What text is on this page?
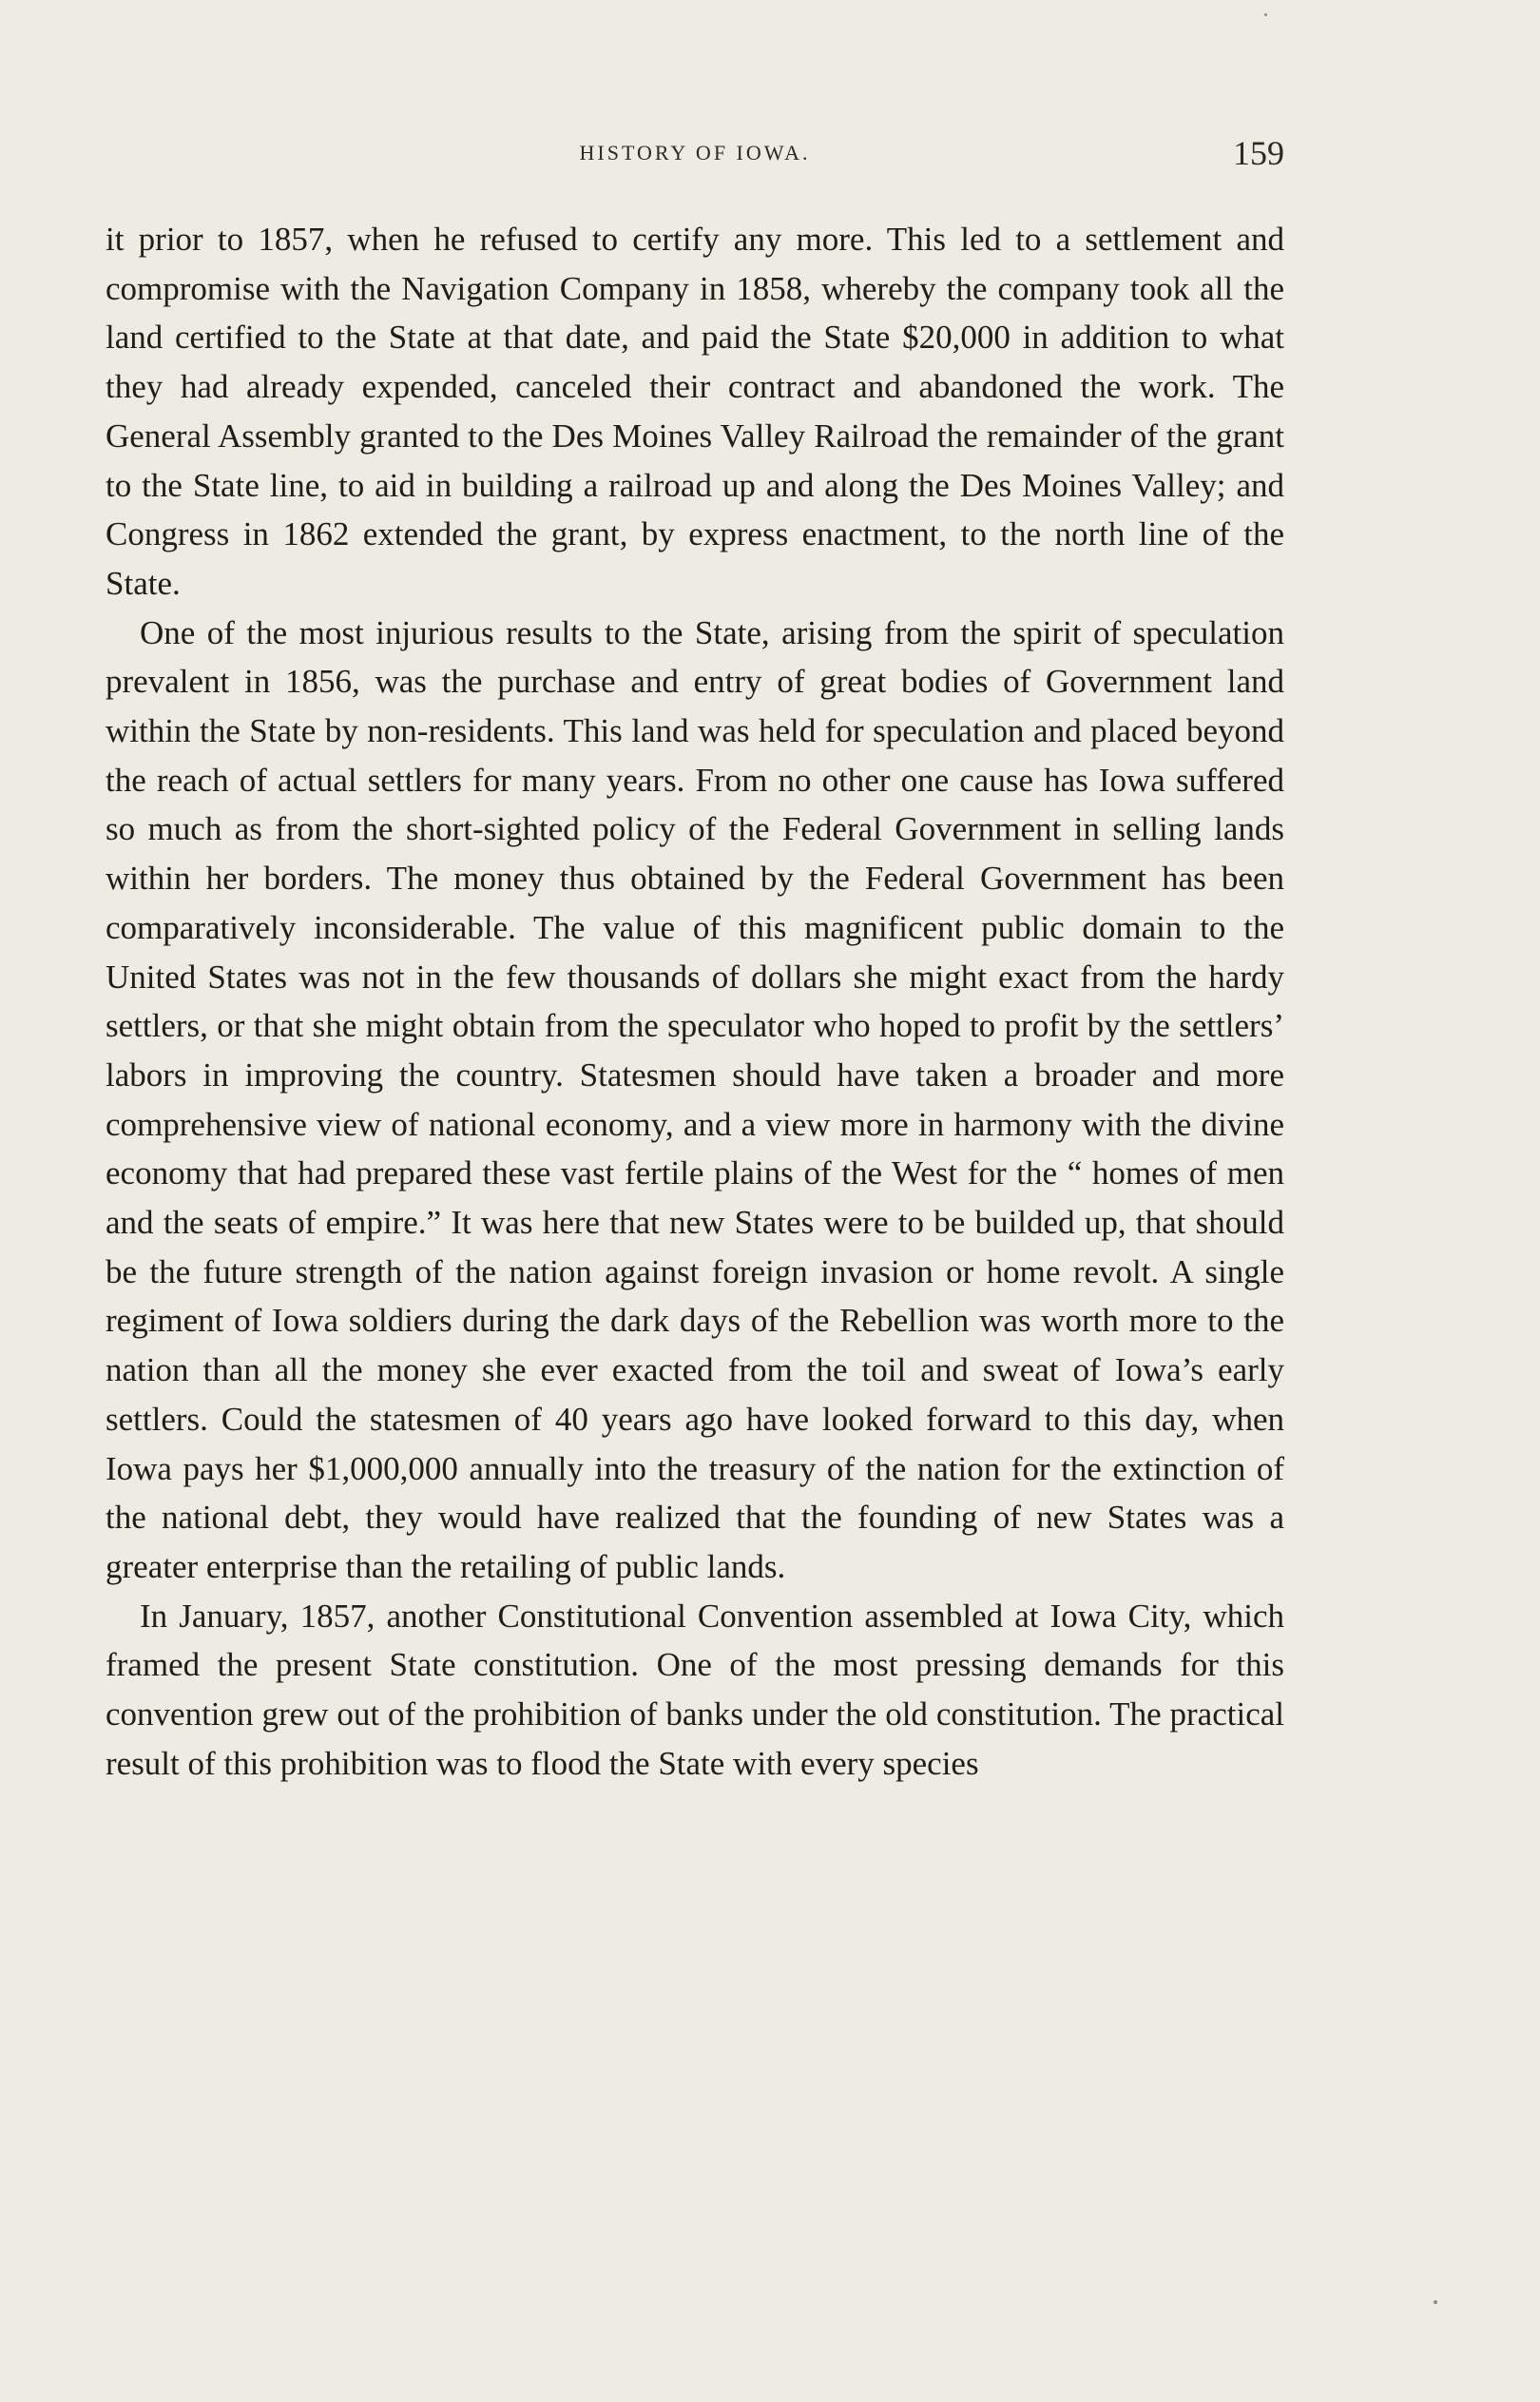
HISTORY OF IOWA.	159

it prior to 1857, when he refused to certify any more. This led to a settlement and compromise with the Navigation Company in 1858, whereby the company took all the land certified to the State at that date, and paid the State $20,000 in addition to what they had already expended, canceled their contract and abandoned the work. The General Assembly granted to the Des Moines Valley Railroad the remainder of the grant to the State line, to aid in building a railroad up and along the Des Moines Valley; and Congress in 1862 extended the grant, by express enactment, to the north line of the State.

One of the most injurious results to the State, arising from the spirit of speculation prevalent in 1856, was the purchase and entry of great bodies of Government land within the State by non-residents. This land was held for speculation and placed beyond the reach of actual settlers for many years. From no other one cause has Iowa suffered so much as from the short-sighted policy of the Federal Government in selling lands within her borders. The money thus obtained by the Federal Government has been comparatively inconsiderable. The value of this magnificent public domain to the United States was not in the few thousands of dollars she might exact from the hardy settlers, or that she might obtain from the speculator who hoped to profit by the settlers’ labors in improving the country. Statesmen should have taken a broader and more comprehensive view of national economy, and a view more in harmony with the divine economy that had prepared these vast fertile plains of the West for the “ homes of men and the seats of empire.” It was here that new States were to be builded up, that should be the future strength of the nation against foreign invasion or home revolt. A single regiment of Iowa soldiers during the dark days of the Rebellion was worth more to the nation than all the money she ever exacted from the toil and sweat of Iowa’s early settlers. Could the statesmen of 40 years ago have looked forward to this day, when Iowa pays her $1,000,000 annually into the treasury of the nation for the extinction of the national debt, they would have realized that the founding of new States was a greater enterprise than the retailing of public lands.

In January, 1857, another Constitutional Convention assembled at Iowa City, which framed the present State constitution. One of the most pressing demands for this convention grew out of the prohibition of banks under the old constitution. The practical result of this prohibition was to flood the State with every species
